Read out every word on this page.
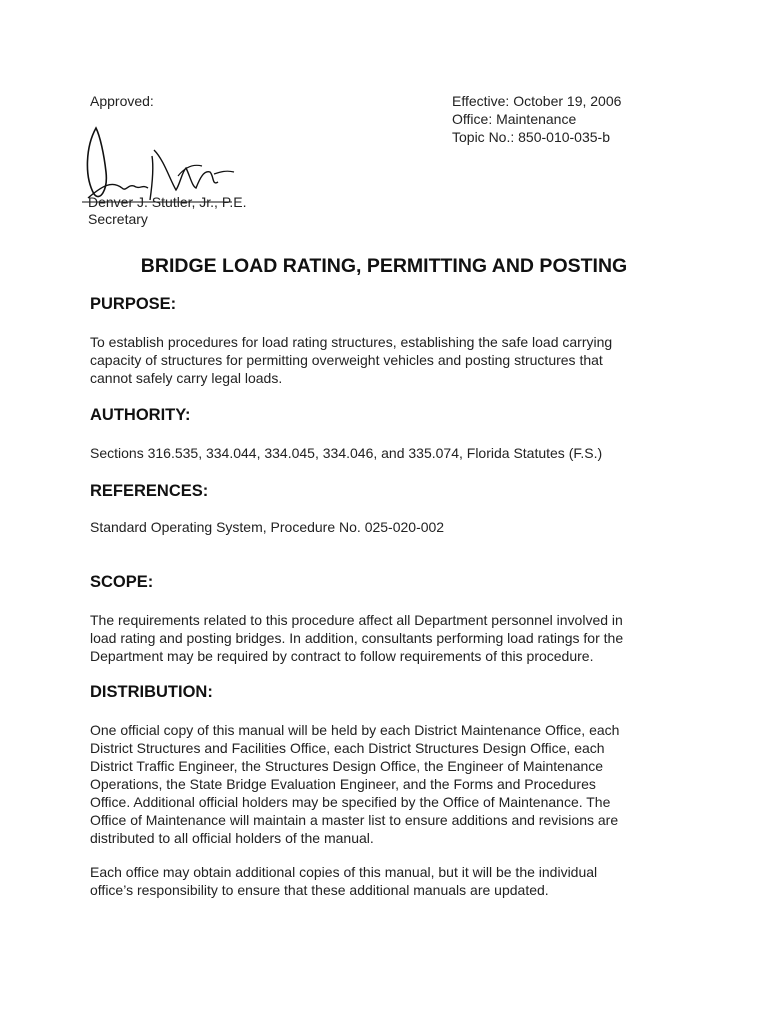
Approved:
Denver J. Stutler, Jr., P.E.
Secretary
Effective: October 19, 2006
Office: Maintenance
Topic No.: 850-010-035-b
BRIDGE LOAD RATING, PERMITTING AND POSTING
PURPOSE:
To establish procedures for load rating structures, establishing the safe load carrying
capacity of structures for permitting overweight vehicles and posting structures that
cannot safely carry legal loads.
AUTHORITY:
Sections 316.535, 334.044, 334.045, 334.046, and 335.074, Florida Statutes (F.S.)
REFERENCES:
Standard Operating System, Procedure No. 025-020-002
SCOPE:
The requirements related to this procedure affect all Department personnel involved in
load rating and posting bridges. In addition, consultants performing load ratings for the
Department may be required by contract to follow requirements of this procedure.
DISTRIBUTION:
One official copy of this manual will be held by each District Maintenance Office, each
District Structures and Facilities Office, each District Structures Design Office, each
District Traffic Engineer, the Structures Design Office, the Engineer of Maintenance
Operations, the State Bridge Evaluation Engineer, and the Forms and Procedures
Office. Additional official holders may be specified by the Office of Maintenance. The
Office of Maintenance will maintain a master list to ensure additions and revisions are
distributed to all official holders of the manual.
Each office may obtain additional copies of this manual, but it will be the individual
office’s responsibility to ensure that these additional manuals are updated.
